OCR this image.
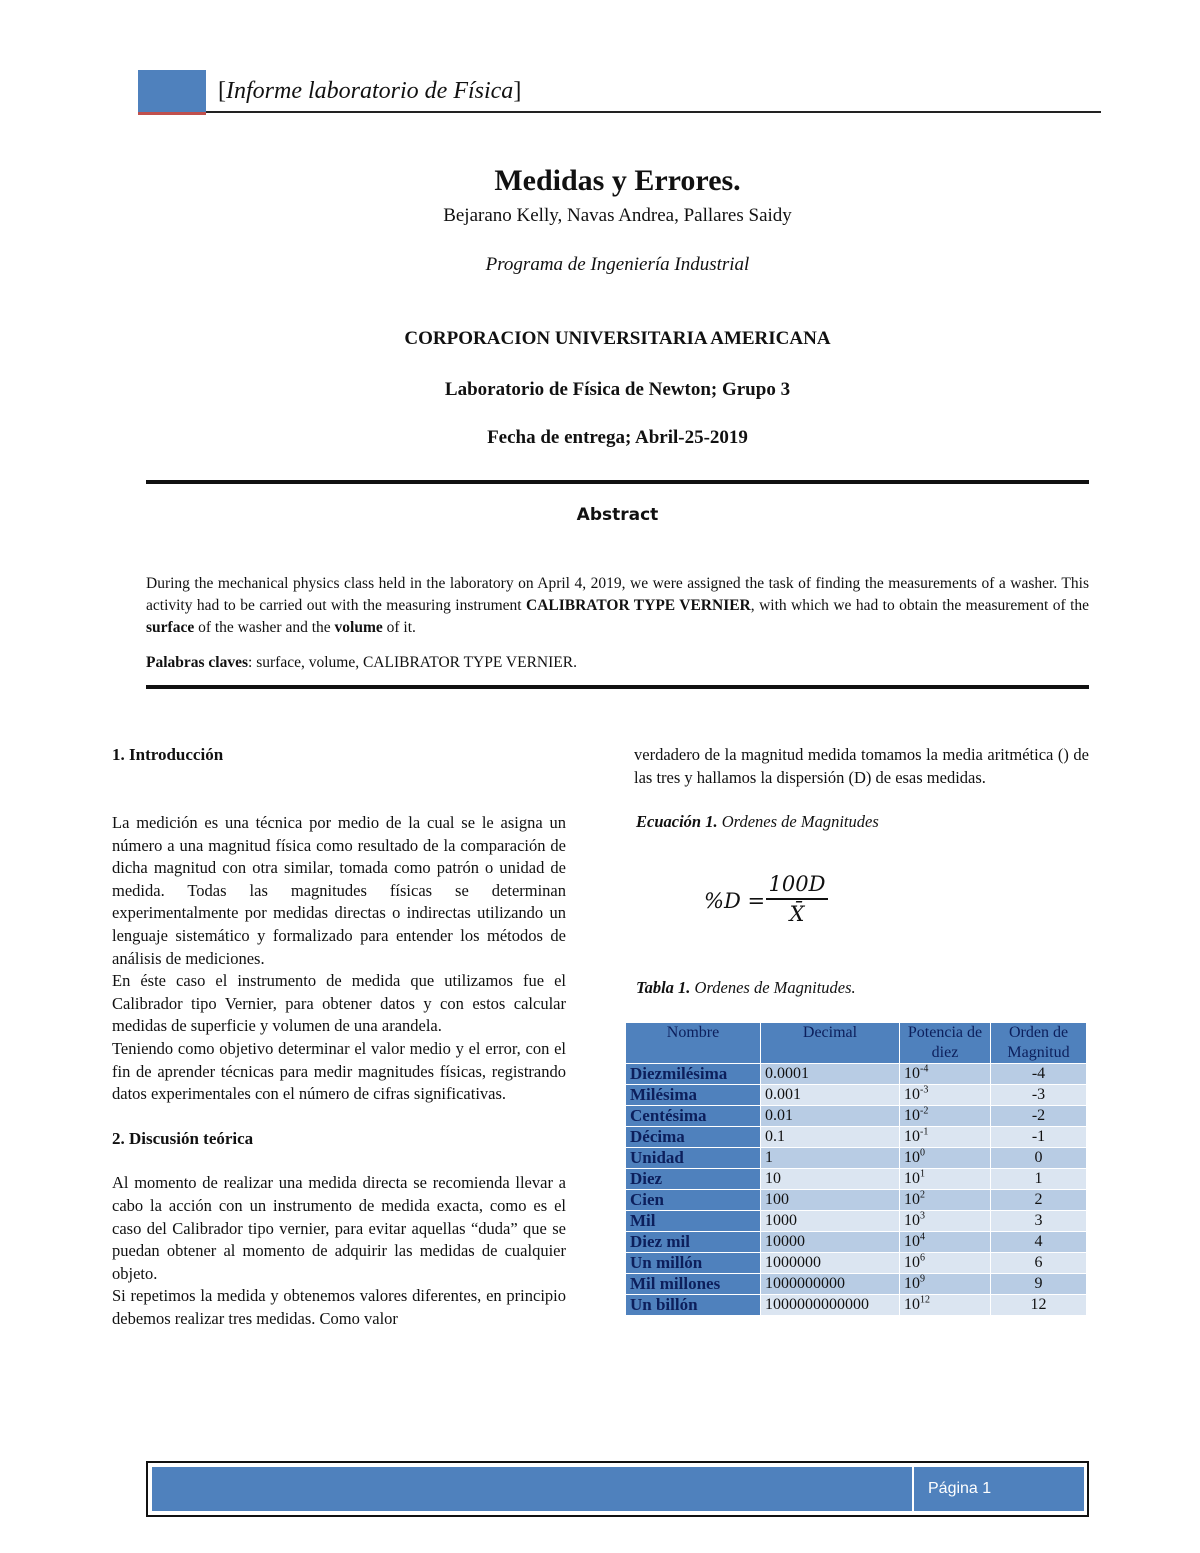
[Informe laboratorio de Física]
Medidas y Errores.
Bejarano Kelly, Navas Andrea, Pallares Saidy
Programa de Ingeniería Industrial
CORPORACION UNIVERSITARIA AMERICANA
Laboratorio de Física de Newton; Grupo 3
Fecha de entrega; Abril-25-2019
Abstract
During the mechanical physics class held in the laboratory on April 4, 2019, we were assigned the task of finding the measurements of a washer. This activity had to be carried out with the measuring instrument CALIBRATOR TYPE VERNIER, with which we had to obtain the measurement of the surface of the washer and the volume of it.
Palabras claves: surface, volume, CALIBRATOR TYPE VERNIER.
1. Introducción

La medición es una técnica por medio de la cual se le asigna un número a una magnitud física como resultado de la comparación de dicha magnitud con otra similar, tomada como patrón o unidad de medida. Todas las magnitudes físicas se determinan experimentalmente por medidas directas o indirectas utilizando un lenguaje sistemático y formalizado para entender los métodos de análisis de mediciones.

En éste caso el instrumento de medida que utilizamos fue el Calibrador tipo Vernier, para obtener datos y con estos calcular medidas de superficie y volumen de una arandela.

Teniendo como objetivo determinar el valor medio y el error, con el fin de aprender técnicas para medir magnitudes físicas, registrando datos experimentales con el número de cifras significativas.

2. Discusión teórica

Al momento de realizar una medida directa se recomienda llevar a cabo la acción con un instrumento de medida exacta, como es el caso del Calibrador tipo vernier, para evitar aquellas “duda” que se puedan obtener al momento de adquirir las medidas de cualquier objeto.

Si repetimos la medida y obtenemos valores diferentes, en principio debemos realizar tres medidas. Como valor

verdadero de la magnitud medida tomamos la media aritmética () de las tres y hallamos la dispersión (D) de esas medidas.

Ecuación 1. Ordenes de Magnitudes
%D =
100D
X̄
Tabla 1. Ordenes de Magnitudes.
Nombre	Decimal	Potencia de diez	Orden de Magnitud
Diezmilésima	0.0001	$10^{-4}$	-4
Milésima	0.001	$10^{-3}$	-3
Centésima	0.01	$10^{-2}$	-2
Décima	0.1	$10^{-1}$	-1
Unidad	1	$10^0$	0
Diez	10	$10^1$	1
Cien	100	$10^2$	2
Mil	1000	$10^3$	3
Diez mil	10000	$10^4$	4
Un millón	1000000	$10^6$	6
Mil millones	1000000000	$10^9$	9
Un billón	1000000000000	$10^{12}$	12
Página 1
